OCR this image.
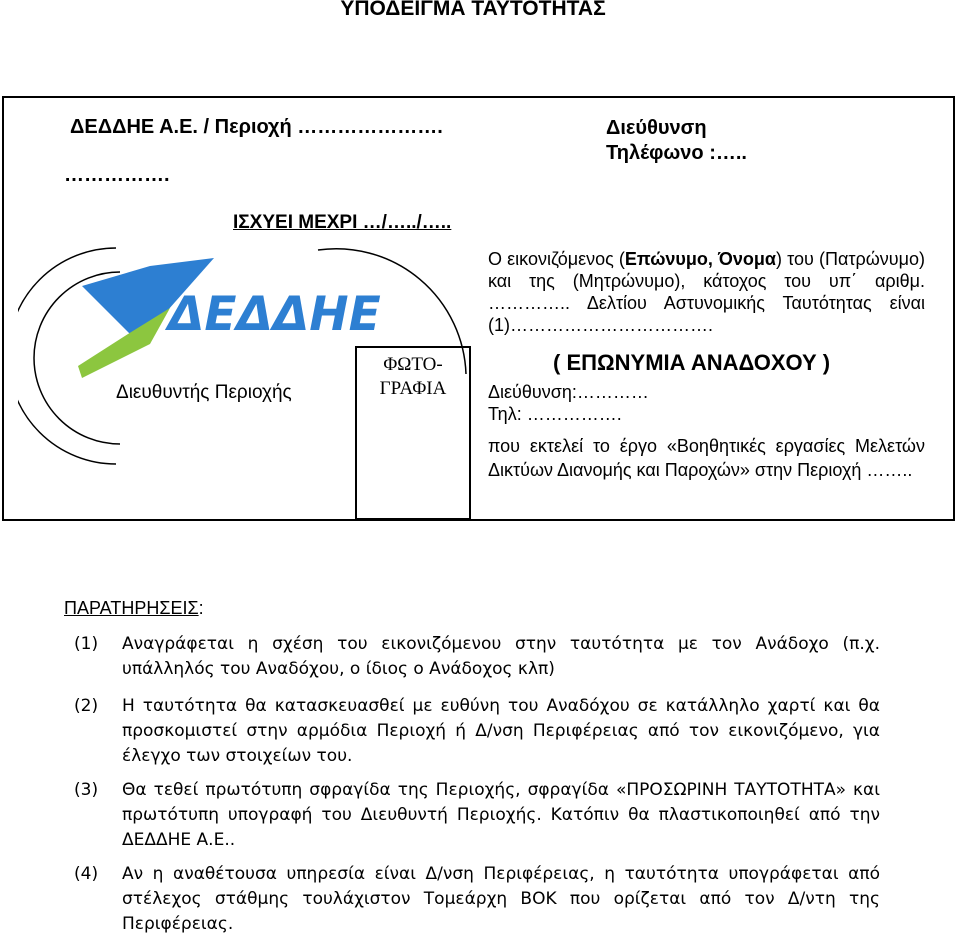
ΥΠΟΔΕΙΓΜΑ ΤΑΥΤΟΤΗΤΑΣ
ΔΕΔΔΗΕ Α.Ε. / Περιοχή ………………….
…………….
Διεύθυνση
Τηλέφωνο :…..
ΙΣΧΥΕΙ ΜΕΧΡΙ …/…../…..
ΔΕΔΔΗΕ
Διευθυντής Περιοχής
ΦΩΤΟ-
ΓΡΑΦΙΑ
Ο εικονιζόμενος (Επώνυμο, Όνομα) του (Πατρώνυμο) και της (Μητρώνυμο), κάτοχος του υπ΄ αριθμ. ………….. Δελτίου Αστυνομικής Ταυτότητας είναι (1)…………………………….
( ΕΠΩΝΥΜΙΑ ΑΝΑΔΟΧΟΥ )
Διεύθυνση:…………
Τηλ: …………….
που εκτελεί το έργο «Βοηθητικές εργασίες Μελετών Δικτύων Διανομής και Παροχών» στην Περιοχή ……..
ΠΑΡΑΤΗΡΗΣΕΙΣ:
(1) Αναγράφεται η σχέση του εικονιζόμενου στην ταυτότητα με τον Ανάδοχο (π.χ. υπάλληλός του Αναδόχου, ο ίδιος ο Ανάδοχος κλπ)
(2) Η ταυτότητα θα κατασκευασθεί με ευθύνη του Αναδόχου σε κατάλληλο χαρτί και θα προσκομιστεί στην αρμόδια Περιοχή ή Δ/νση Περιφέρειας από τον εικονιζόμενο, για έλεγχο των στοιχείων του.
(3) Θα τεθεί πρωτότυπη σφραγίδα της Περιοχής, σφραγίδα «ΠΡΟΣΩΡΙΝΗ ΤΑΥΤΟΤΗΤΑ» και πρωτότυπη υπογραφή του Διευθυντή Περιοχής. Κατόπιν θα πλαστικοποιηθεί από την ΔΕΔΔΗΕ Α.Ε..
(4) Αν η αναθέτουσα υπηρεσία είναι Δ/νση Περιφέρειας, η ταυτότητα υπογράφεται από στέλεχος στάθμης τουλάχιστον Τομεάρχη ΒΟΚ που ορίζεται από τον Δ/ντη της Περιφέρειας.
